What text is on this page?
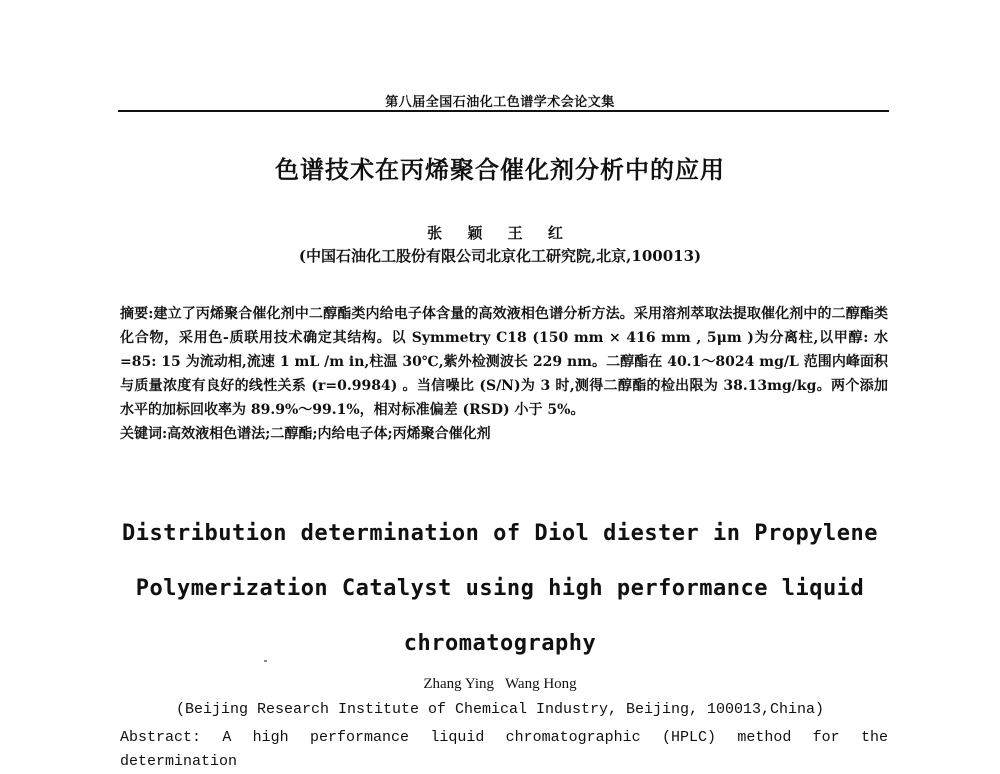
第八届全国石油化工色谱学术会论文集
色谱技术在丙烯聚合催化剂分析中的应用
张 颖 王 红
(中国石油化工股份有限公司北京化工研究院,北京,100013)

摘要:建立了丙烯聚合催化剂中二醇酯类内给电子体含量的高效液相色谱分析方法。采用溶剂萃取法提取催化剂中的二醇酯类化合物，采用色-质联用技术确定其结构。以 Symmetry C18 (150 mm × 416 mm , 5μm )为分离柱,以甲醇: 水=85: 15 为流动相,流速 1 mL /m in,柱温 30℃,紫外检测波长 229 nm。二醇酯在 40.1～8024 mg/L 范围内峰面积与质量浓度有良好的线性关系 (r=0.9984) 。当信噪比 (S/N)为 3 时,测得二醇酯的检出限为 38.13mg/kg。两个添加水平的加标回收率为 89.9%～99.1%，相对标准偏差 (RSD) 小于 5%。

关键词:高效液相色谱法;二醇酯;内给电子体;丙烯聚合催化剂

Distribution determination of Diol diester in Propylene
Polymerization Catalyst using high performance liquid
chromatography
Zhang Ying   Wang Hong
(Beijing Research Institute of Chemical Industry, Beijing, 100013,China)

Abstract: A high performance liquid chromatographic (HPLC) method for the determination
